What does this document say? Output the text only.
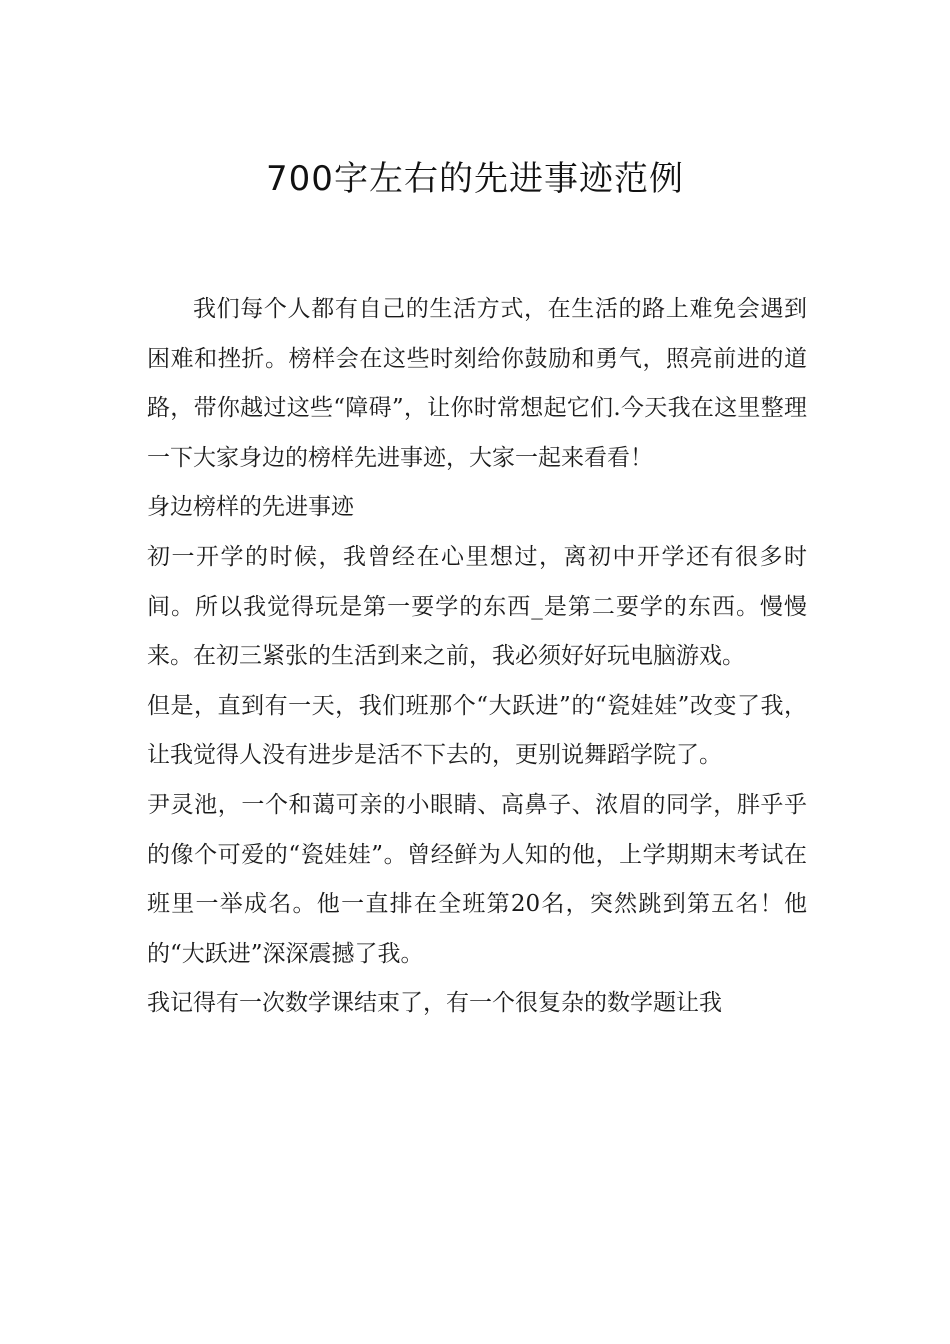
700字左右的先进事迹范例

我们每个人都有自己的生活方式，在生活的路上难免会遇到困难和挫折。榜样会在这些时刻给你鼓励和勇气，照亮前进的道路，带你越过这些“障碍”，让你时常想起它们.今天我在这里整理一下大家身边的榜样先进事迹，大家一起来看看！

身边榜样的先进事迹

初一开学的时候，我曾经在心里想过，离初中开学还有很多时间。所以我觉得玩是第一要学的东西_是第二要学的东西。慢慢来。在初三紧张的生活到来之前，我必须好好玩电脑游戏。

但是，直到有一天，我们班那个“大跃进”的“瓷娃娃”改变了我，让我觉得人没有进步是活不下去的，更别说舞蹈学院了。

尹灵池，一个和蔼可亲的小眼睛、高鼻子、浓眉的同学，胖乎乎的像个可爱的“瓷娃娃”。曾经鲜为人知的他，上学期期末考试在班里一举成名。他一直排在全班第20名，突然跳到第五名！他的“大跃进”深深震撼了我。

我记得有一次数学课结束了，有一个很复杂的数学题让我
